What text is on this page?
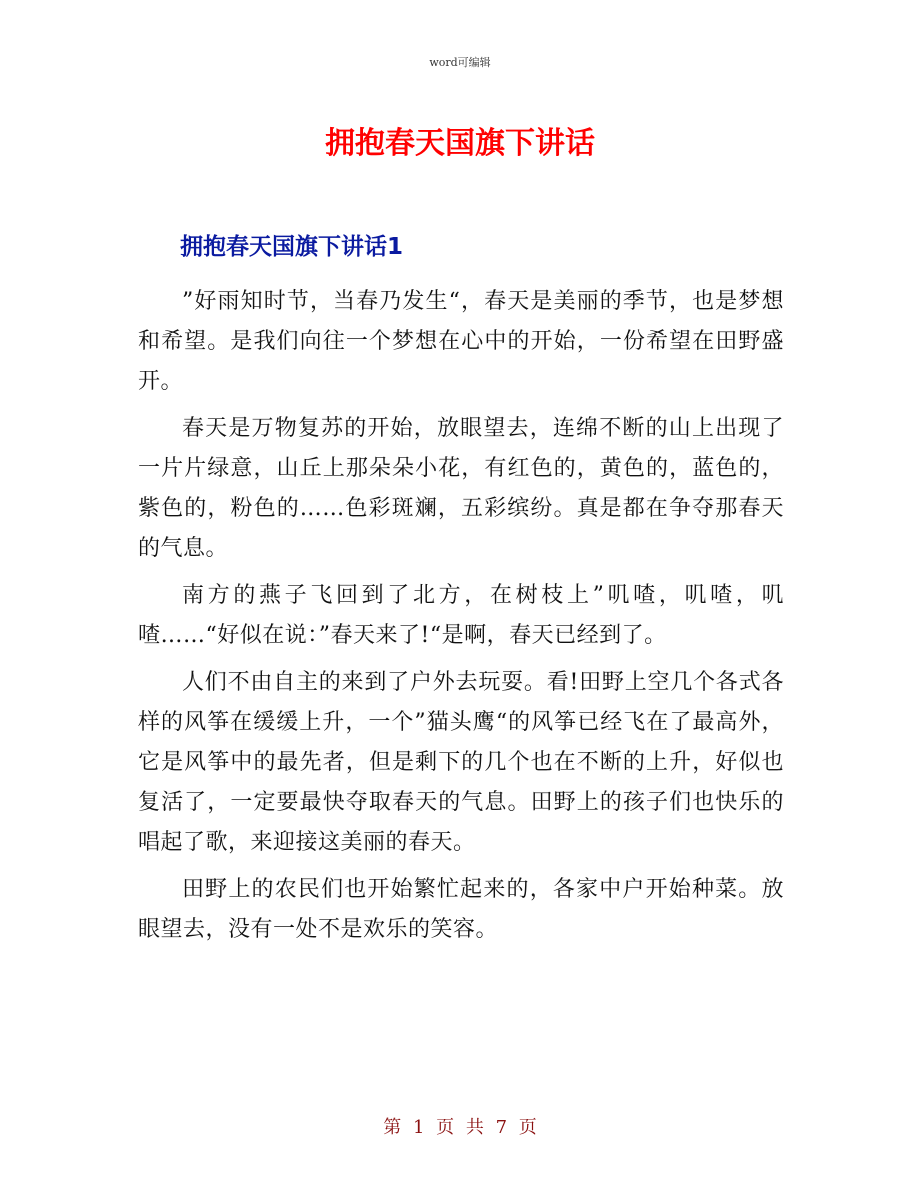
word可编辑
拥抱春天国旗下讲话
拥抱春天国旗下讲话1

”好雨知时节，当春乃发生“，春天是美丽的季节，也是梦想和希望。是我们向往一个梦想在心中的开始，一份希望在田野盛开。

春天是万物复苏的开始，放眼望去，连绵不断的山上出现了一片片绿意，山丘上那朵朵小花，有红色的，黄色的，蓝色的，紫色的，粉色的……色彩斑斓，五彩缤纷。真是都在争夺那春天的气息。

南方的燕子飞回到了北方，在树枝上”叽喳，叽喳，叽喳……“好似在说：”春天来了!“是啊，春天已经到了。

人们不由自主的来到了户外去玩耍。看!田野上空几个各式各样的风筝在缓缓上升，一个”猫头鹰“的风筝已经飞在了最高外，它是风筝中的最先者，但是剩下的几个也在不断的上升，好似也复活了，一定要最快夺取春天的气息。田野上的孩子们也快乐的唱起了歌，来迎接这美丽的春天。

田野上的农民们也开始繁忙起来的，各家中户开始种菜。放眼望去，没有一处不是欢乐的笑容。

第 1 页 共 7 页
